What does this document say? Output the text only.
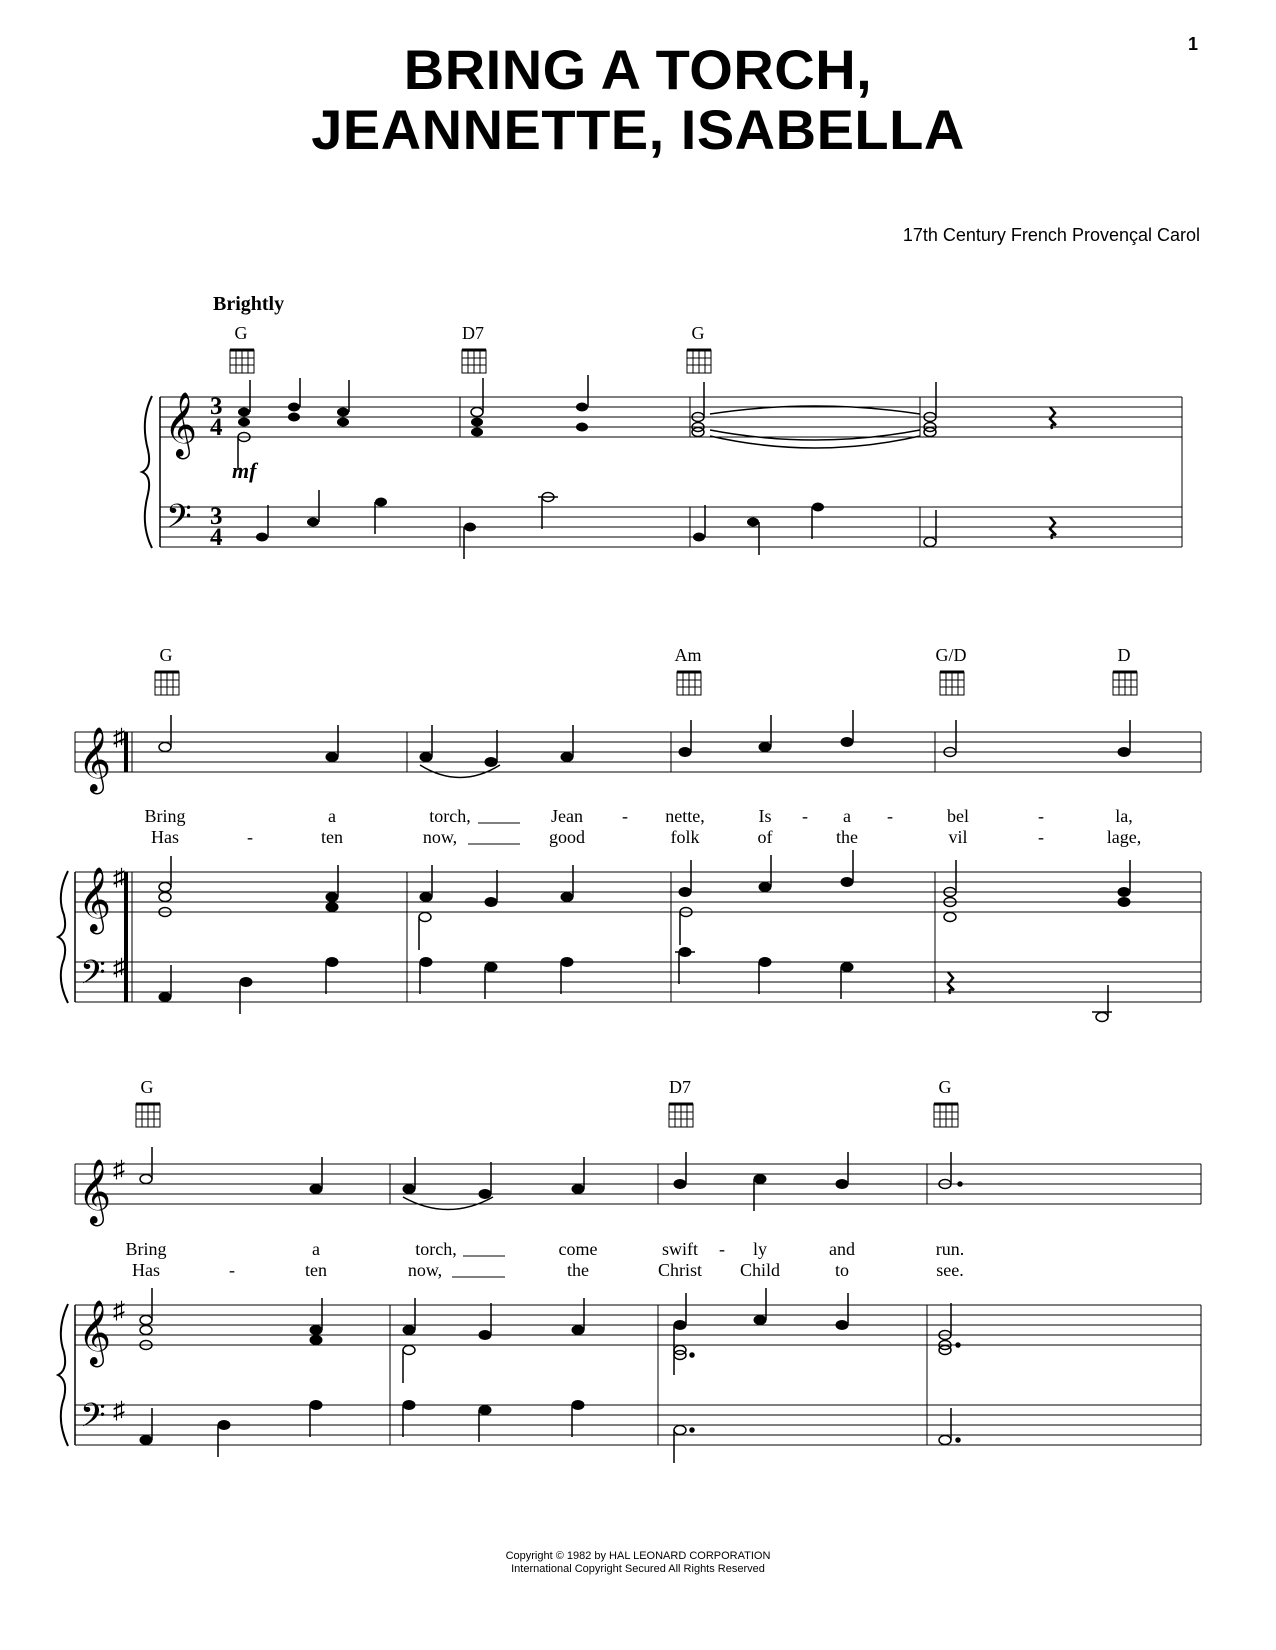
1
BRING A TORCH,
JEANNETTE, ISABELLA
17th Century French Provençal Carol
Brightly
G	D7	G
𝄞
𝄢
3
4
3
4
mf
G	Am	G/D	D
𝄞 ♯
Bring	a	torch,	Jean - nette,	Is - a -	bel	-	la,
Has	-	ten	now,	good	folk	of	the	vil	-	lage,
𝄞
𝄢
♯
♯
G	D7	G
𝄞 ♯
Bring	a	torch,	come	swift - ly	and	run.
Has	-	ten	now,	the	Christ Child	to	see.
𝄞
𝄢
♯
♯
Copyright © 1982 by HAL LEONARD CORPORATION
International Copyright Secured All Rights Reserved
